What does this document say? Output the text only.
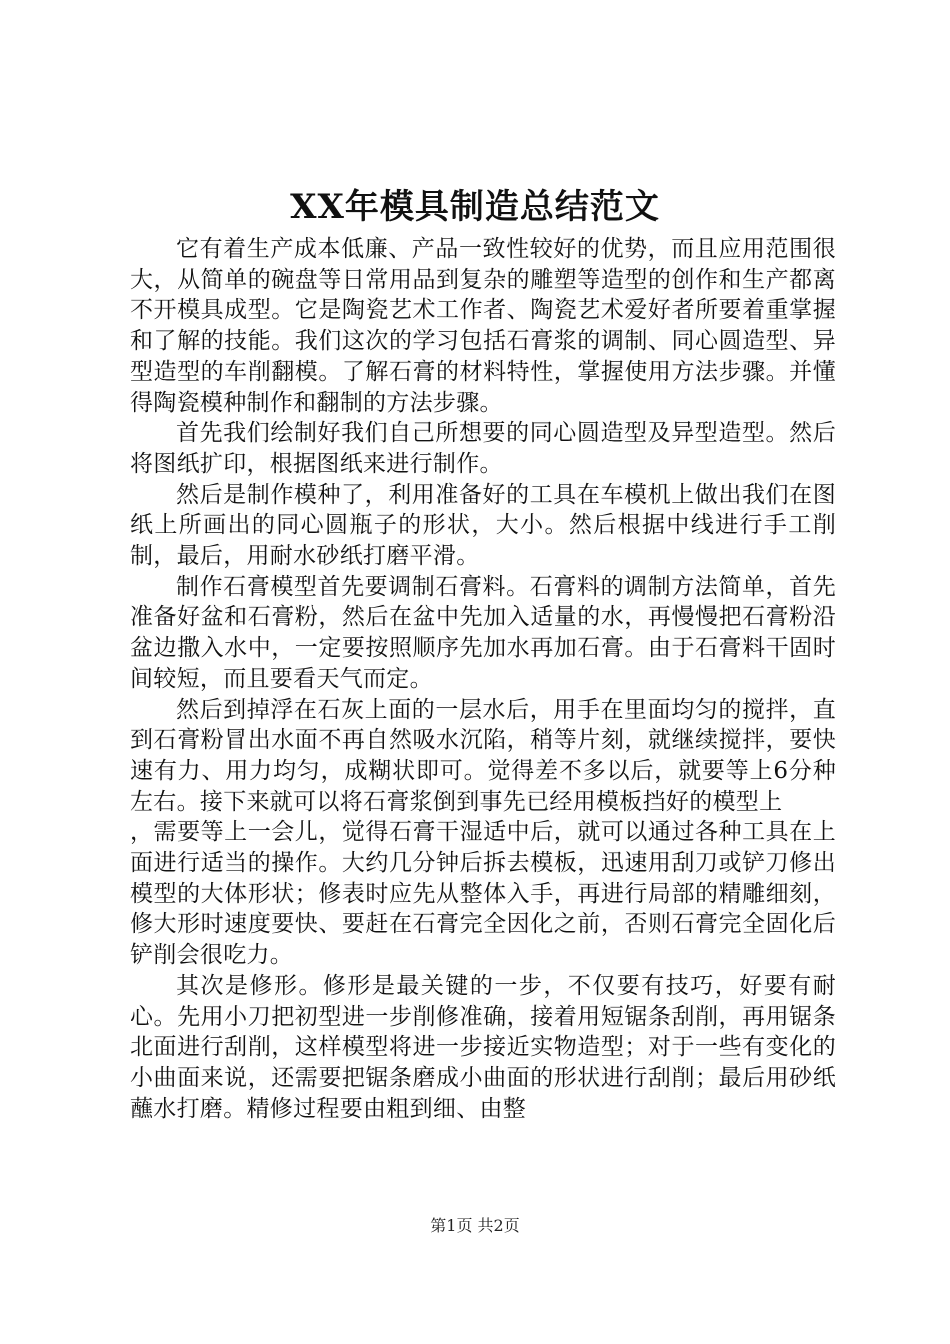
XX年模具制造总结范文

它有着生产成本低廉、产品一致性较好的优势，而且应用范围很大，从简单的碗盘等日常用品到复杂的雕塑等造型的创作和生产都离不开模具成型。它是陶瓷艺术工作者、陶瓷艺术爱好者所要着重掌握和了解的技能。我们这次的学习包括石膏浆的调制、同心圆造型、异型造型的车削翻模。了解石膏的材料特性，掌握使用方法步骤。并懂得陶瓷模种制作和翻制的方法步骤。

首先我们绘制好我们自己所想要的同心圆造型及异型造型。然后将图纸扩印，根据图纸来进行制作。

然后是制作模种了，利用准备好的工具在车模机上做出我们在图纸上所画出的同心圆瓶子的形状，大小。然后根据中线进行手工削制，最后，用耐水砂纸打磨平滑。

制作石膏模型首先要调制石膏料。石膏料的调制方法简单，首先准备好盆和石膏粉，然后在盆中先加入适量的水，再慢慢把石膏粉沿盆边撒入水中，一定要按照顺序先加水再加石膏。由于石膏料干固时间较短，而且要看天气而定。

然后到掉浮在石灰上面的一层水后，用手在里面均匀的搅拌，直到石膏粉冒出水面不再自然吸水沉陷，稍等片刻，就继续搅拌，要快速有力、用力均匀，成糊状即可。觉得差不多以后，就要等上6分种左右。接下来就可以将石膏浆倒到事先已经用模板挡好的模型上

，需要等上一会儿，觉得石膏干湿适中后，就可以通过各种工具在上面进行适当的操作。大约几分钟后拆去模板，迅速用刮刀或铲刀修出模型的大体形状；修表时应先从整体入手，再进行局部的精雕细刻，修大形时速度要快、要赶在石膏完全因化之前，否则石膏完全固化后铲削会很吃力。

其次是修形。修形是最关键的一步，不仅要有技巧，好要有耐心。先用小刀把初型进一步削修准确，接着用短锯条刮削，再用锯条北面进行刮削，这样模型将进一步接近实物造型；对于一些有变化的小曲面来说，还需要把锯条磨成小曲面的形状进行刮削；最后用砂纸蘸水打磨。精修过程要由粗到细、由整

第1页 共2页
